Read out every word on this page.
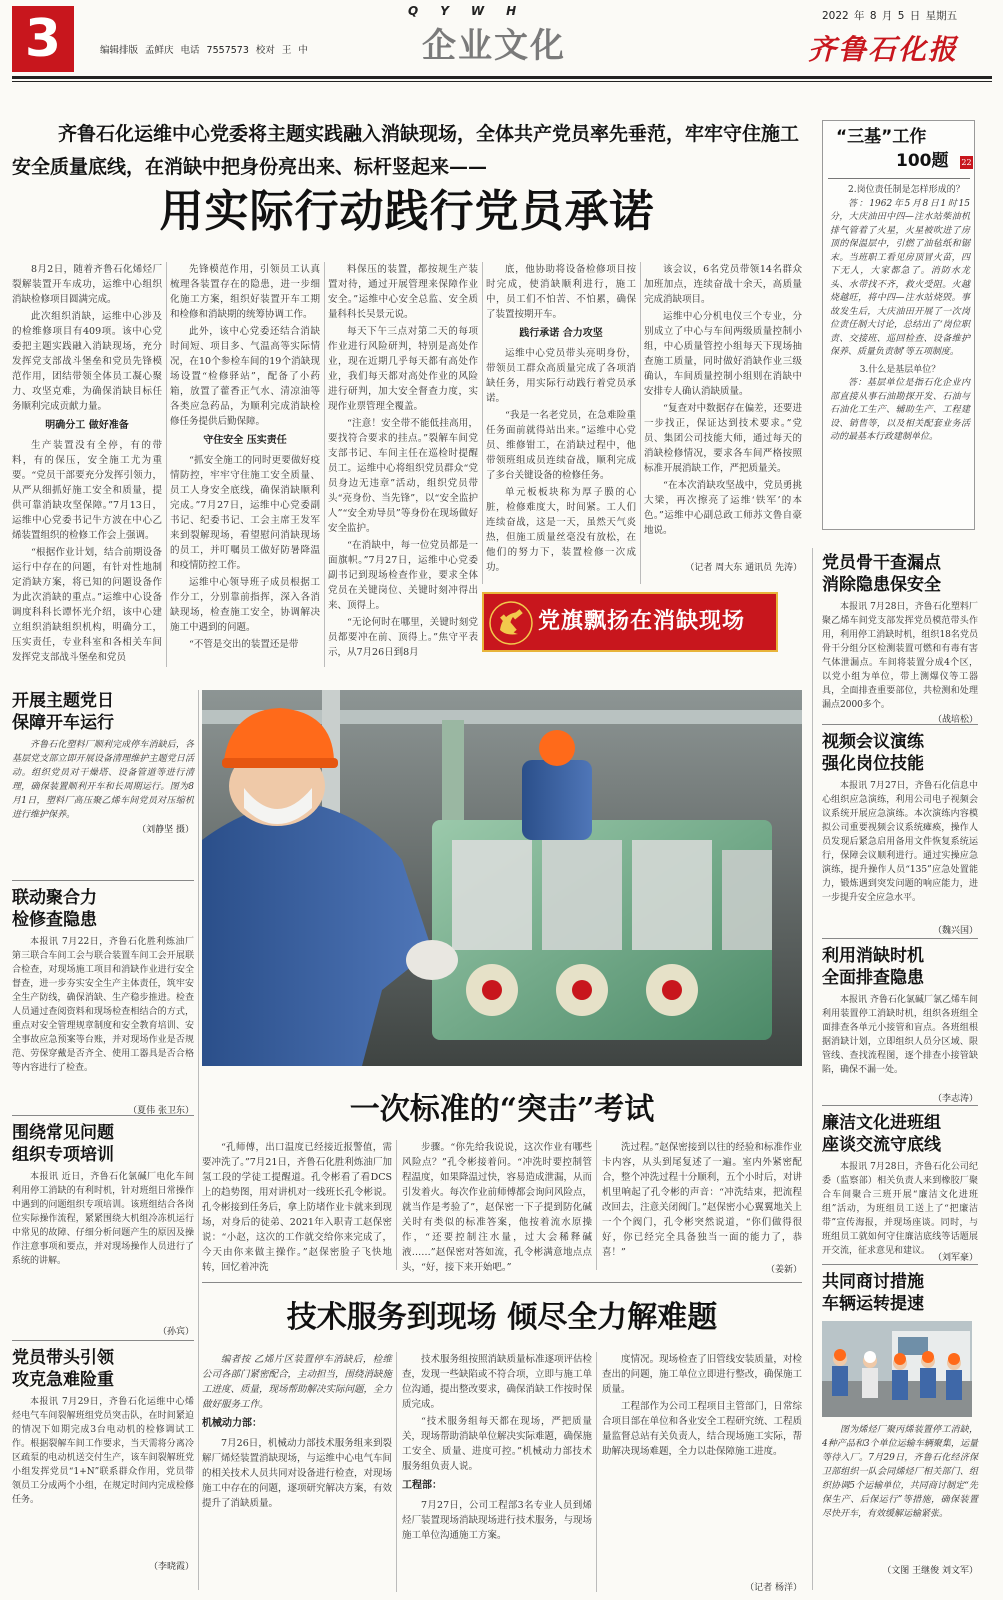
3	编辑排版 孟鲜庆 电话 7557573 校对 王 中
QYWH
企业文化
2022 年 8 月 5 日 星期五
齐鲁石化报
齐鲁石化运维中心党委将主题实践融入消缺现场，全体共产党员率先垂范，牢牢守住施工安全质量底线，在消缺中把身份亮出来、标杆竖起来——
用实际行动践行党员承诺

8月2日，随着齐鲁石化烯烃厂裂解装置开车成功，运维中心组织消缺检修项目圆满完成。

此次组织消缺，运维中心涉及的检维修项目有409项。该中心党委把主题实践融入消缺现场，充分发挥党支部战斗堡垒和党员先锋模范作用，团结带领全体员工凝心聚力、攻坚克难，为确保消缺目标任务顺利完成贡献力量。

明确分工 做好准备

生产装置没有全停，有的带料，有的保压，安全施工尤为重要。“党员干部要充分发挥引领力，从严从细抓好施工安全和质量，提供可靠消缺攻坚保障。”7月13日，运维中心党委书记牛方波在中心乙烯装置组织的检修工作会上强调。

“根据作业计划，结合前期设备运行中存在的问题，有针对性地制定消缺方案，将已知的问题设备作为此次消缺的重点。”运维中心设备调度科科长谭怀光介绍，该中心建立组织消缺组织机构，明确分工，压实责任，专业科室和各相关车间发挥党支部战斗堡垒和党员

先锋模范作用，引领员工认真梳理各装置存在的隐患，进一步细化施工方案，组织好装置开车工期和检修和消缺期的统筹协调工作。

此外，该中心党委还结合消缺时间短、项目多、气温高等实际情况，在10个参检车间的19个消缺现场设置“检修驿站”，配备了小药箱，放置了藿香正气水、清凉油等各类应急药品，为顺利完成消缺检修任务提供后勤保障。

守住安全 压实责任

“抓安全施工的同时更要做好疫情防控，牢牢守住施工安全质量、员工人身安全底线，确保消缺顺利完成。”7月27日，运维中心党委副书记、纪委书记、工会主席王发军来到裂解现场，看望慰问消缺现场的员工，并叮嘱员工做好防暑降温和疫情防控工作。

运维中心领导班子成员根据工作分工，分别靠前指挥，深入各消缺现场，检查施工安全，协调解决施工中遇到的问题。

“不管是交出的装置还是带

料保压的装置，都按规生产装置对待，通过开展管理来保障作业安全。”运维中心安全总监、安全质量科科长吴景元说。

每天下午三点对第二天的每项作业进行风险研判，特别是高处作业，现在近期几乎每天都有高处作业，我们每天都对高处作业的风险进行研判，加大安全督查力度，实现作业票管理全覆盖。

“注意！安全带不能低挂高用，要找符合要求的挂点。”裂解车间党支部书记、车间主任在巡检时提醒员工。运维中心将组织党员群众“党员身边无违章”活动，组织党员带头“亮身份、当先锋”，以“安全监护人”“安全劝导员”等身份在现场做好安全监护。

“在消缺中，每一位党员都是一面旗帜。”7月27日，运维中心党委副书记到现场检查作业，要求全体党员在关键岗位、关键时刻冲得出来、顶得上。

“无论何时在哪里，关键时刻党员都要冲在前、顶得上。”焦守平表示，从7月26日到8月

底，他协助将设备检修项目按时完成，使消缺顺利进行，施工中，员工们不怕苦、不怕累，确保了装置按期开车。

践行承诺 合力攻坚

运维中心党员带头亮明身份，带领员工群众高质量完成了各项消缺任务，用实际行动践行着党员承诺。

“我是一名老党员，在急难险重任务面前就得站出来。”运维中心党员、维修钳工，在消缺过程中，他带领班组成员连续奋战，顺利完成了多台关键设备的检修任务。

单元板板块称为厚子膜的心脏，检修难度大，时间紧。工人们连续奋战，这是一天，虽然天气炎热，但施工质量丝毫没有放松，在他们的努力下，装置检修一次成功。

该会议，6名党员带领14名群众加班加点，连续奋战十余天，高质量完成消缺项目。

运维中心分机电仪三个专业，分别成立了中心与车间两级质量控制小组，中心质量管控小组每天下现场抽查施工质量，同时做好消缺作业三级确认，车间质量控制小组则在消缺中安排专人确认消缺质量。

“复查对中数据存在偏差，还要进一步找正，保证达到技术要求。”党员、集团公司技能大师，通过每天的消缺检修情况，要求各车间严格按照标准开展消缺工作，严把质量关。

“在本次消缺攻坚战中，党员勇挑大梁，再次擦亮了运维‘铁军’的本色。”运维中心副总政工师苏文鲁自豪地说。

（记者 周大东 通讯员 先涛）
“三基”工作
100题 22

2.岗位责任制是怎样形成的？

答：1962年5月8日1时15分，大庆油田中四—注水站柴油机排气管着了火星，火星被吹进了房顶的保温层中，引燃了油毡纸和锯末。当班职工看见房顶冒火苗，四下无人，大家都急了。消防水龙头、水带找不齐，救火受阻。火越烧越旺，将中四—注水站烧毁。事故发生后，大庆油田开展了一次岗位责任制大讨论，总结出了‘岗位职责、交接班、巡回检查、设备维护保养、质量负责制’等五项制度。

3.什么是基层单位？

答：基层单位是指石化企业内部直接从事石油勘探开发、石油与石油化工生产、辅助生产、工程建设、销售等，以及相关配套业务活动的最基本行政建制单位。

党旗飘扬在消缺现场
开展主题党日
保障开车运行

齐鲁石化塑料厂顺利完成停车消缺后，各基层党支部立即开展设备清理维护主题党日活动。组织党员对干燥塔、设备管道等进行清理，确保装置顺利开车和长周期运行。图为8月1日，塑料厂高压聚乙烯车间党员对压缩机进行维护保养。

（刘静坚 摄）
联动聚合力
检修查隐患

本报讯 7月22日，齐鲁石化胜利炼油厂第三联合车间工会与联合装置车间工会开展联合检查，对现场施工项目和消缺作业进行安全督查，进一步夯实安全生产主体责任，筑牢安全生产防线，确保消缺、生产稳步推进。检查人员通过查阅资料和现场检查相结合的方式，重点对安全管理规章制度和安全教育培训、安全事故应急预案等台账，并对现场作业是否规范、劳保穿戴是否齐全、使用工器具是否合格等内容进行了检查。

（夏伟 张卫东）
围绕常见问题
组织专项培训

本报讯 近日，齐鲁石化氯碱厂电化车间利用停工消缺的有利时机，针对班组日常操作中遇到的问题组织专项培训。该班组结合各岗位实际操作流程，紧紧围绕大机组冷冻机运行中常见的故障、仔细分析问题产生的原因及操作注意事项和要点，并对现场操作人员进行了系统的讲解。

（孙宾）
党员带头引领
攻克急难险重

本报讯 7月29日，齐鲁石化运维中心烯烃电气车间裂解班组党员突击队，在时间紧迫的情况下如期完成3台电动机的检修调试工作。根据裂解车间工作要求，当天需将分离冷区疏泵的电动机送交付生产，该车间裂解班党小组发挥党员“1+N”联系群众作用，党员带领员工分成两个小组，在规定时间内完成检修任务。

（李晓霞）
党员骨干查漏点
消除隐患保安全

本报讯 7月28日，齐鲁石化塑料厂聚乙烯车间党支部发挥党员模范带头作用，利用停工消缺时机，组织18名党员骨干分组分区检测装置可燃和有毒有害气体泄漏点。车间将装置分成4个区，以党小组为单位，带上测爆仪等工器具，全面排查重要部位，共检测和处理漏点2000多个。

（战培松）
视频会议演练
强化岗位技能

本报讯 7月27日，齐鲁石化信息中心组织应急演练，利用公司电子视频会议系统开展应急演练。本次演练内容模拟公司重要视频会议系统瘫痪，操作人员发现后紧急启用备用文件恢复系统运行，保障会议顺利进行。通过实操应急演练，提升操作人员“135”应急处置能力，锻炼遇到突发问题的响应能力，进一步提升安全应急水平。

（魏兴国）
利用消缺时机
全面排查隐患

本报讯 齐鲁石化氯碱厂氯乙烯车间利用装置停工消缺时机，组织各班组全面排查各单元小接管和盲点。各班组根据消缺计划，立即组织人员分区域、限管线、查找流程图，逐个排查小接管缺陷，确保不漏一处。

（李志涛）
廉洁文化进班组
座谈交流守底线

本报讯 7月28日，齐鲁石化公司纪委（监察部）相关负责人来到橡胶厂聚合车间聚合三班开展“廉洁文化进班组”活动，为班组员工送上了“把廉洁带”宣传海报，并现场座谈。同时，与班组员工就如何守住廉洁底线等话题展开交流，征求意见和建议。

（刘军豪）
共同商讨措施
车辆运转提速

图为烯烃厂聚丙烯装置停工消缺，4种产品和3个单位运输车辆聚集，运量等待入厂。7月29日，齐鲁石化经济保卫部组织一队会同烯烃厂相关部门、组织协调5个运输单位，共同商讨制定“先保生产、后保运行”等措施，确保装置尽快开车，有效缓解运输紧张。

（文图 王继俊 刘文军）
一次标准的“突击”考试

“孔师傅，出口温度已经接近报警值，需要冲洗了。”7月21日，齐鲁石化胜利炼油厂加氢工段的学徒工提醒道。孔令彬看了看DCS上的趋势图，用对讲机对一线班长孔令彬说。孔令彬接到任务后，拿上防堵作业卡就来到现场，对身后的徒弟、2021年入职青工赵保密说：“小赵，这次的工作就交给你来完成了，今天由你来做主操作。”赵保密脸子飞快地转，回忆着冲洗

步骤。“你先给我说说，这次作业有哪些风险点？”孔令彬接着问。“冲洗时要控制管程温度，如果降温过快，容易造成泄漏，从而引发着火。每次作业前师傅都会询问风险点，就当作是考验了”，赵保密一下子提到防化碱关时有类似的标准答案，他按着流水原操作，“还要控制注水量，过大会稀释碱液……”赵保密对答如流，孔令彬满意地点点头，“好，接下来开始吧。”

洗过程。”赵保密接到以往的经验和标准作业卡内容，从头到尾复述了一遍。室内外紧密配合，整个冲洗过程十分顺利，五个小时后，对讲机里响起了孔令彬的声音：“冲洗结束，把流程改回去，注意关闭阀门。”赵保密小心翼翼地关上一个个阀门，孔令彬突然说道，“你们做得很好，你已经完全具备独当一面的能力了，恭喜！”

（姜新）
技术服务到现场 倾尽全力解难题

编者按 乙烯片区装置停车消缺后，检维公司各部门紧密配合，主动担当，围绕消缺施工进度、质量，现场帮助解决实际问题，全力做好服务工作。

机械动力部：

7月26日，机械动力部技术服务组来到裂解厂烯烃装置消缺现场，与运维中心电气车间的相关技术人员共同对设备进行检查，对现场施工中存在的问题，逐项研究解决方案，有效提升了消缺质量。

技术服务组按照消缺质量标准逐项评估检查，发现一些缺陷或不符合项，立即与施工单位沟通，提出整改要求，确保消缺工作按时保质完成。

“技术服务组每天都在现场，严把质量关，现场帮助消缺单位解决实际难题，确保施工安全、质量、进度可控。”机械动力部技术服务组负责人说。

工程部：

7月27日，公司工程部3名专业人员到烯烃厂装置现场消缺现场进行技术服务，与现场施工单位沟通施工方案。

度情况。现场检查了旧管线安装质量，对检查出的问题，施工单位立即进行整改，确保施工质量。

工程部作为公司工程项目主管部门，日常综合项目部在单位和各业安全工程研究统、工程质量监督总站有关负责人，结合现场施工实际，帮助解决现场难题，全力以赴保障施工进度。

（记者 杨洋）
